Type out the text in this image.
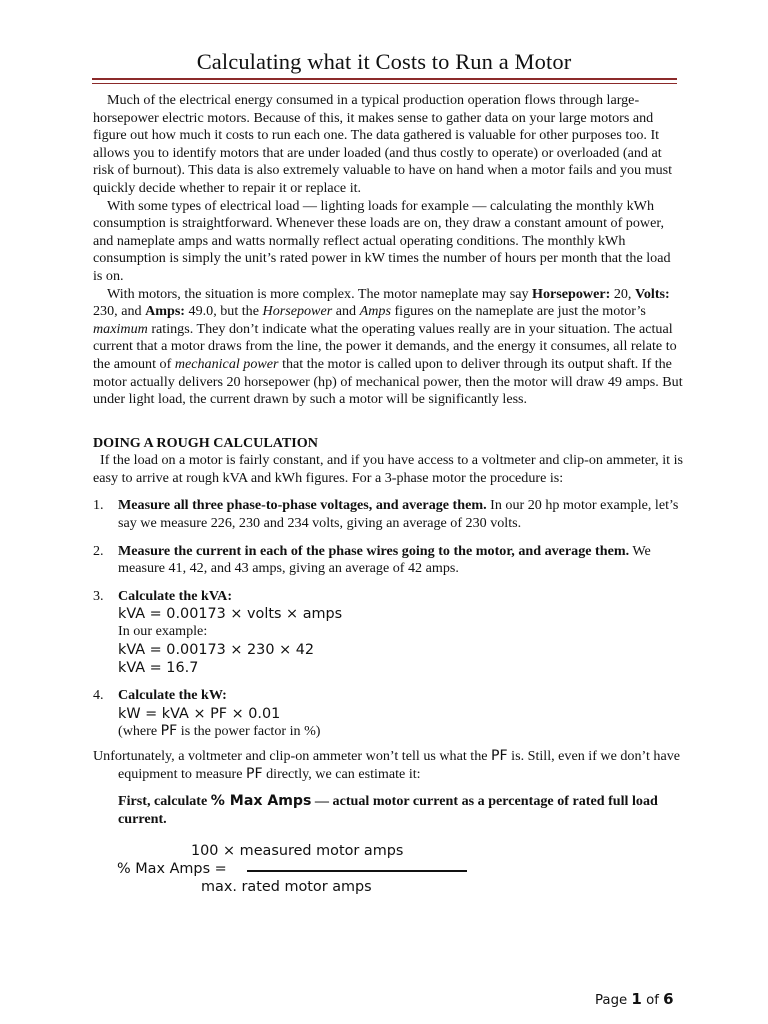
Calculating what it Costs to Run a Motor

Much of the electrical energy consumed in a typical production operation flows through large-horsepower electric motors. Because of this, it makes sense to gather data on your large motors and figure out how much it costs to run each one. The data gathered is valuable for other purposes too. It allows you to identify motors that are under loaded (and thus costly to operate) or overloaded (and at risk of burnout). This data is also extremely valuable to have on hand when a motor fails and you must quickly decide whether to repair it or replace it.

With some types of electrical load — lighting loads for example — calculating the monthly kWh consumption is straightforward. Whenever these loads are on, they draw a constant amount of power, and nameplate amps and watts normally reflect actual operating conditions. The monthly kWh consumption is simply the unit’s rated power in kW times the number of hours per month that the load is on.

With motors, the situation is more complex. The motor nameplate may say Horsepower: 20, Volts: 230, and Amps: 49.0, but the Horsepower and Amps figures on the nameplate are just the motor’s maximum ratings. They don’t indicate what the operating values really are in your situation. The actual current that a motor draws from the line, the power it demands, and the energy it consumes, all relate to the amount of mechanical power that the motor is called upon to deliver through its output shaft. If the motor actually delivers 20 horsepower (hp) of mechanical power, then the motor will draw 49 amps. But under light load, the current drawn by such a motor will be significantly less.

DOING A ROUGH CALCULATION

If the load on a motor is fairly constant, and if you have access to a voltmeter and clip-on ammeter, it is easy to arrive at rough kVA and kWh figures. For a 3-phase motor the procedure is:

1. Measure all three phase-to-phase voltages, and average them. In our 20 hp motor example, let’s say we measure 226, 230 and 234 volts, giving an average of 230 volts.
2. Measure the current in each of the phase wires going to the motor, and average them. We measure 41, 42, and 43 amps, giving an average of 42 amps.
3. Calculate the kVA:
kVA = 0.00173 × volts × amps
In our example:
kVA = 0.00173 × 230 × 42
kVA = 16.7
4. Calculate the kW:
kW = kVA × PF × 0.01
(where PF is the power factor in %)

Unfortunately, a voltmeter and clip-on ammeter won’t tell us what the PF is. Still, even if we don’t have equipment to measure PF directly, we can estimate it:

First, calculate % Max Amps — actual motor current as a percentage of rated full load current.

100 × measured motor amps
% Max Amps =
max. rated motor amps
Page 1 of 6
